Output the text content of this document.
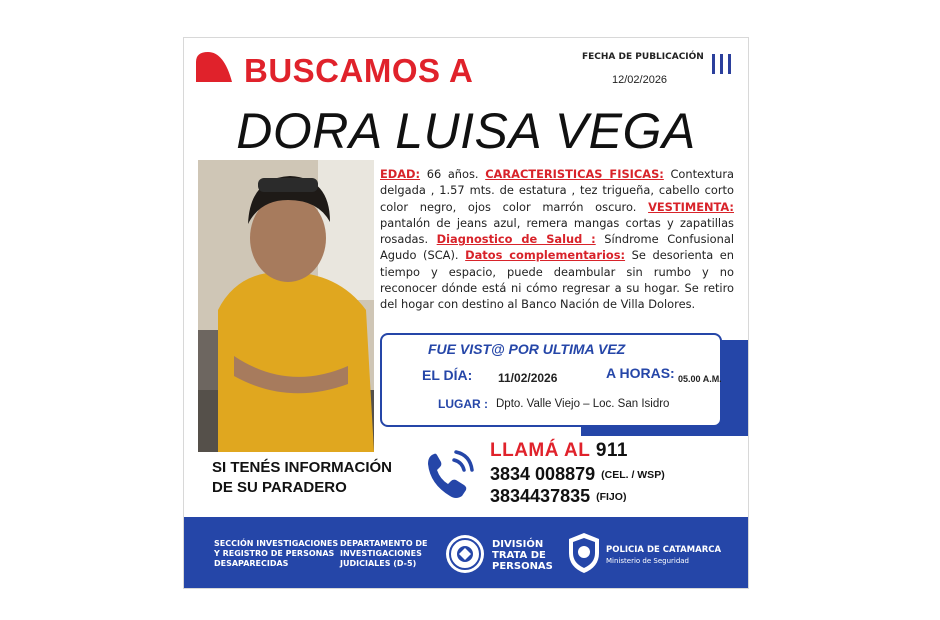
BUSCAMOS A	FECHA DE PUBLICACIÓN
12/02/2026
DORA LUISA VEGA
EDAD: 66 años. CARACTERISTICAS FISICAS: Contextura delgada , 1.57 mts. de estatura , tez trigueña, cabello corto color negro, ojos color marrón oscuro. VESTIMENTA: pantalón de jeans azul, remera mangas cortas y zapatillas rosadas. Diagnostico de Salud : Síndrome Confusional Agudo (SCA). Datos complementarios: Se desorienta en tiempo y espacio, puede deambular sin rumbo y no reconocer dónde está ni cómo regresar a su hogar. Se retiro del hogar con destino al Banco Nación de Villa Dolores.
FUE VIST@ POR ULTIMA VEZ
EL DÍA: 11/02/2026	A HORAS: 05.00 A.M.
LUGAR : Dpto. Valle Viejo – Loc. San Isidro
SI TENÉS INFORMACIÓN
DE SU PARADERO
LLAMÁ AL 911
3834 008879 (CEL. / WSP)
3834437835 (FIJO)
SECCIÓN INVESTIGACIONES
Y REGISTRO DE PERSONAS
DESAPARECIDAS
DEPARTAMENTO DE
INVESTIGACIONES
JUDICIALES (D-5)
DIVISIÓN
TRATA DE
PERSONAS
POLICIA DE CATAMARCA
Ministerio de Seguridad
